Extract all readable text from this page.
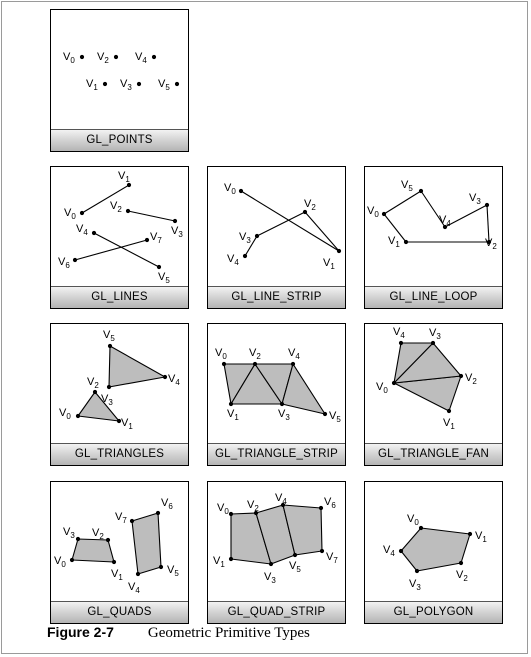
$V_0$
$V_1$
$V_2$
$V_3$
$V_4$
$V_5$
GL_POINTS
$V_0$
$V_1$
$V_2$
$V_3$
$V_4$
$V_5$
$V_6$
$V_7$
GL_LINES
$V_0$
$V_1$
$V_2$
$V_3$
$V_4$
GL_LINE_STRIP
$V_0$
$V_1$	$V_2$
$V_3$
$V_4$
$V_5$
GL_LINE_LOOP
$V_0$
$V_1$
$V_2$
$V_3$
$V_4$
$V_5$
GL_TRIANGLES
$V_0$
$V_1$
$V_2$
$V_3$
$V_4$
$V_5$
GL_TRIANGLE_STRIP
$V_0$
$V_1$
$V_2$
$V_3$
$V_4$
GL_TRIANGLE_FAN
$V_0$
$V_1$
$V_2$
$V_3$
$V_4$
$V_5$
$V_6$
$V_7$
GL_QUADS
$V_0$
$V_1$
$V_2$
$V_3$
$V_4$
$V_5$
$V_6$
$V_7$
GL_QUAD_STRIP
$V_0$
$V_1$
$V_2$
$V_3$
$V_4$
GL_POLYGON
Figure 2-7 Geometric Primitive Types
